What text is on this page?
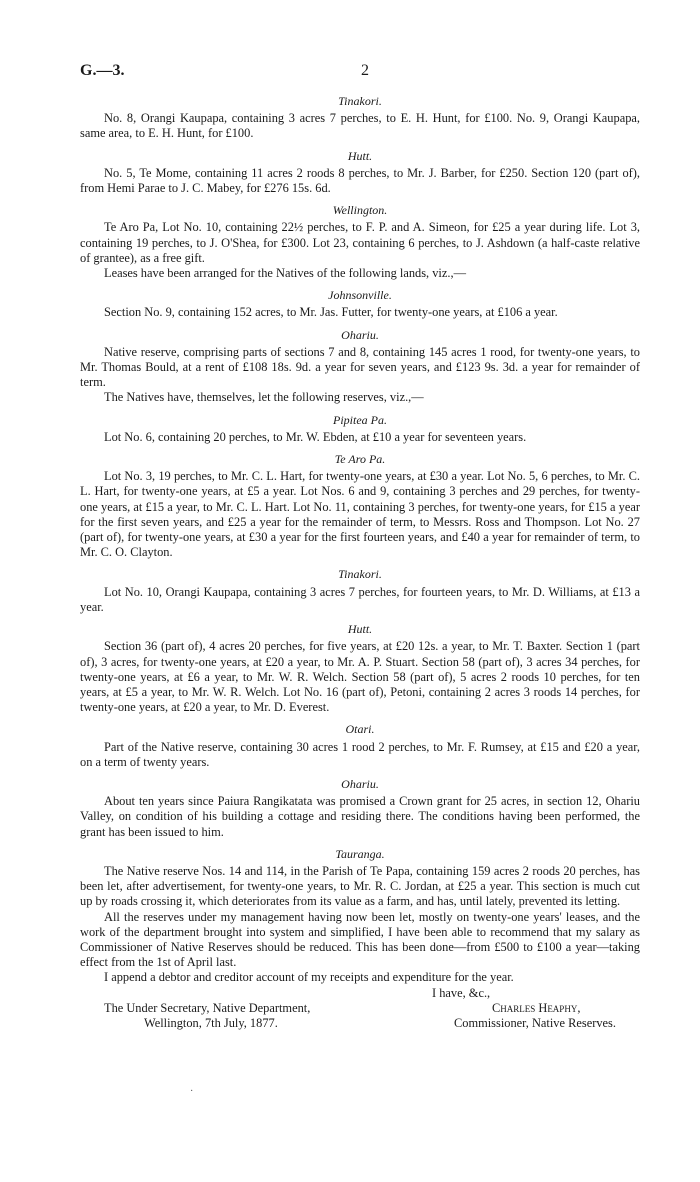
G.—3.	2
Tinakori.

No. 8, Orangi Kaupapa, containing 3 acres 7 perches, to E. H. Hunt, for £100. No. 9, Orangi Kaupapa, same area, to E. H. Hunt, for £100.

Hutt.

No. 5, Te Mome, containing 11 acres 2 roods 8 perches, to Mr. J. Barber, for £250. Section 120 (part of), from Hemi Parae to J. C. Mabey, for £276 15s. 6d.

Wellington.

Te Aro Pa, Lot No. 10, containing 22½ perches, to F. P. and A. Simeon, for £25 a year during life. Lot 3, containing 19 perches, to J. O'Shea, for £300. Lot 23, containing 6 perches, to J. Ashdown (a half-caste relative of grantee), as a free gift.

Leases have been arranged for the Natives of the following lands, viz.,—

Johnsonville.

Section No. 9, containing 152 acres, to Mr. Jas. Futter, for twenty-one years, at £106 a year.

Ohariu.

Native reserve, comprising parts of sections 7 and 8, containing 145 acres 1 rood, for twenty-one years, to Mr. Thomas Bould, at a rent of £108 18s. 9d. a year for seven years, and £123 9s. 3d. a year for remainder of term.

The Natives have, themselves, let the following reserves, viz.,—

Pipitea Pa.

Lot No. 6, containing 20 perches, to Mr. W. Ebden, at £10 a year for seventeen years.

Te Aro Pa.

Lot No. 3, 19 perches, to Mr. C. L. Hart, for twenty-one years, at £30 a year. Lot No. 5, 6 perches, to Mr. C. L. Hart, for twenty-one years, at £5 a year. Lot Nos. 6 and 9, containing 3 perches and 29 perches, for twenty-one years, at £15 a year, to Mr. C. L. Hart. Lot No. 11, containing 3 perches, for twenty-one years, for £15 a year for the first seven years, and £25 a year for the remainder of term, to Messrs. Ross and Thompson. Lot No. 27 (part of), for twenty-one years, at £30 a year for the first fourteen years, and £40 a year for remainder of term, to Mr. C. O. Clayton.

Tinakori.

Lot No. 10, Orangi Kaupapa, containing 3 acres 7 perches, for fourteen years, to Mr. D. Williams, at £13 a year.

Hutt.

Section 36 (part of), 4 acres 20 perches, for five years, at £20 12s. a year, to Mr. T. Baxter. Section 1 (part of), 3 acres, for twenty-one years, at £20 a year, to Mr. A. P. Stuart. Section 58 (part of), 3 acres 34 perches, for twenty-one years, at £6 a year, to Mr. W. R. Welch. Section 58 (part of), 5 acres 2 roods 10 perches, for ten years, at £5 a year, to Mr. W. R. Welch. Lot No. 16 (part of), Petoni, containing 2 acres 3 roods 14 perches, for twenty-one years, at £20 a year, to Mr. D. Everest.

Otari.

Part of the Native reserve, containing 30 acres 1 rood 2 perches, to Mr. F. Rumsey, at £15 and £20 a year, on a term of twenty years.

Ohariu.

About ten years since Paiura Rangikatata was promised a Crown grant for 25 acres, in section 12, Ohariu Valley, on condition of his building a cottage and residing there. The conditions having been performed, the grant has been issued to him.

Tauranga.

The Native reserve Nos. 14 and 114, in the Parish of Te Papa, containing 159 acres 2 roods 20 perches, has been let, after advertisement, for twenty-one years, to Mr. R. C. Jordan, at £25 a year. This section is much cut up by roads crossing it, which deteriorates from its value as a farm, and has, until lately, prevented its letting.

All the reserves under my management having now been let, mostly on twenty-one years' leases, and the work of the department brought into system and simplified, I have been able to recommend that my salary as Commissioner of Native Reserves should be reduced. This has been done—from £500 to £100 a year—taking effect from the 1st of April last.

I append a debtor and creditor account of my receipts and expenditure for the year.

I have, &c.,
The Under Secretary, Native Department,	Charles Heaphy,
Wellington, 7th July, 1877.	Commissioner, Native Reserves.
·
